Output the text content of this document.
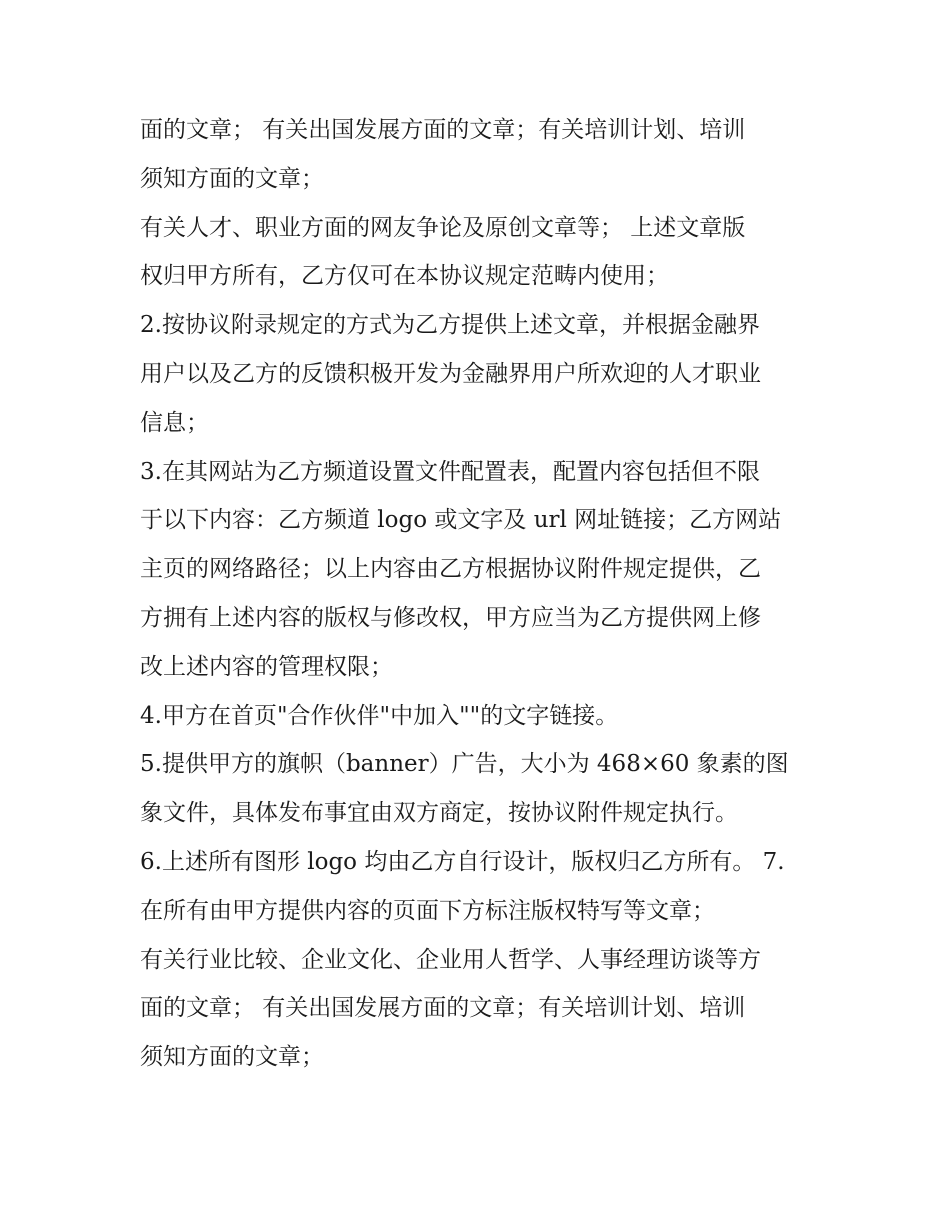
面的文章； 有关出国发展方面的文章；有关培训计划、培训
须知方面的文章；
有关人才、职业方面的网友争论及原创文章等； 上述文章版
权归甲方所有，乙方仅可在本协议规定范畴内使用；
2.按协议附录规定的方式为乙方提供上述文章，并根据金融界
用户以及乙方的反馈积极开发为金融界用户所欢迎的人才职业
信息；
3.在其网站为乙方频道设置文件配置表，配置内容包括但不限
于以下内容：乙方频道 logo 或文字及 url 网址链接；乙方网站
主页的网络路径；以上内容由乙方根据协议附件规定提供，乙
方拥有上述内容的版权与修改权，甲方应当为乙方提供网上修
改上述内容的管理权限；
4.甲方在首页"合作伙伴"中加入""的文字链接。
5.提供甲方的旗帜（banner）广告，大小为 468×60 象素的图
象文件，具体发布事宜由双方商定，按协议附件规定执行。
6.上述所有图形 logo 均由乙方自行设计，版权归乙方所有。 7.
在所有由甲方提供内容的页面下方标注版权特写等文章；
有关行业比较、企业文化、企业用人哲学、人事经理访谈等方
面的文章； 有关出国发展方面的文章；有关培训计划、培训
须知方面的文章；
